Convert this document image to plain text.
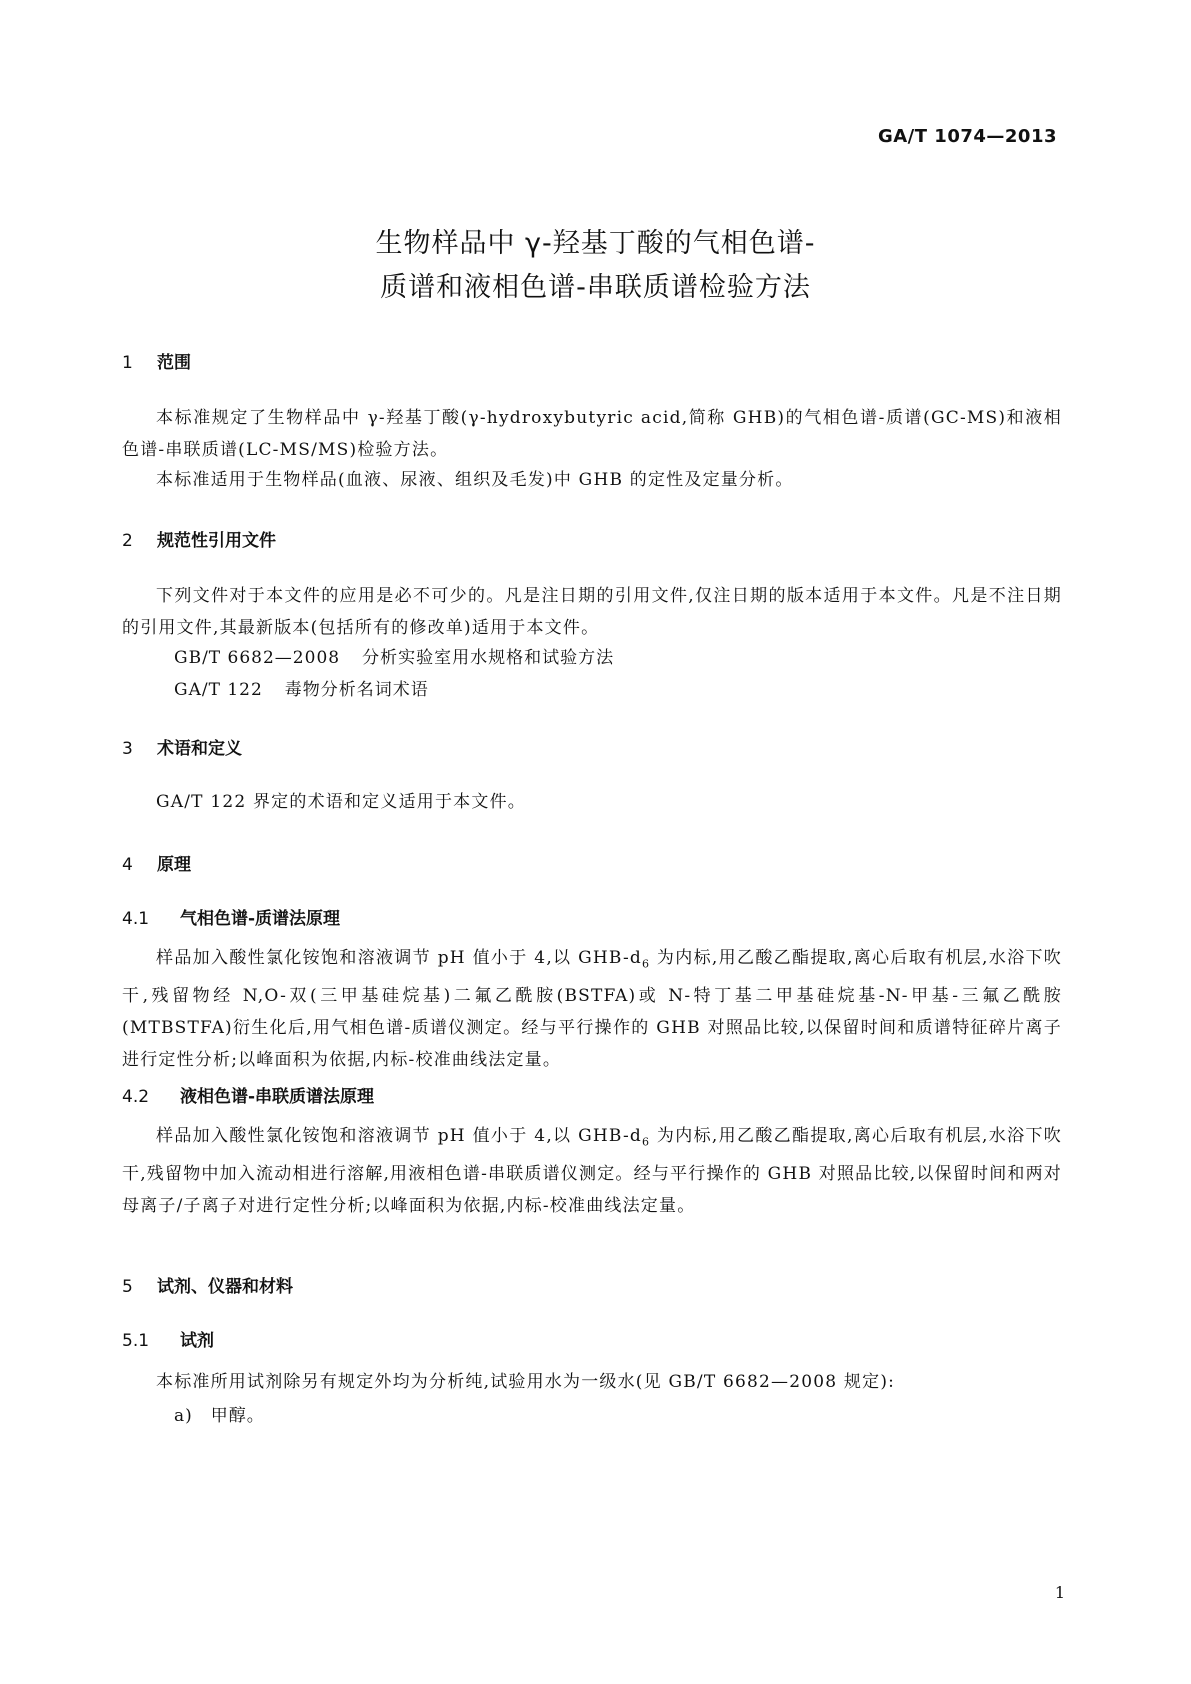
GA/T 1074—2013
生物样品中 γ-羟基丁酸的气相色谱-
质谱和液相色谱-串联质谱检验方法
1 范围
本标准规定了生物样品中 γ-羟基丁酸(γ-hydroxybutyric acid,简称 GHB)的气相色谱-质谱(GC-MS)和液相色谱-串联质谱(LC-MS/MS)检验方法。
本标准适用于生物样品(血液、尿液、组织及毛发)中 GHB 的定性及定量分析。
2 规范性引用文件
下列文件对于本文件的应用是必不可少的。凡是注日期的引用文件,仅注日期的版本适用于本文件。凡是不注日期的引用文件,其最新版本(包括所有的修改单)适用于本文件。
GB/T 6682—2008 分析实验室用水规格和试验方法
GA/T 122 毒物分析名词术语
3 术语和定义
GA/T 122 界定的术语和定义适用于本文件。
4 原理
4.1 气相色谱-质谱法原理
样品加入酸性氯化铵饱和溶液调节 pH 值小于 4,以 GHB-$d_6$ 为内标,用乙酸乙酯提取,离心后取有机层,水浴下吹干,残留物经 N,O-双(三甲基硅烷基)二氟乙酰胺(BSTFA)或 N-特丁基二甲基硅烷基-N-甲基-三氟乙酰胺(MTBSTFA)衍生化后,用气相色谱-质谱仪测定。经与平行操作的 GHB 对照品比较,以保留时间和质谱特征碎片离子进行定性分析;以峰面积为依据,内标-校准曲线法定量。
4.2 液相色谱-串联质谱法原理
样品加入酸性氯化铵饱和溶液调节 pH 值小于 4,以 GHB-$d_6$ 为内标,用乙酸乙酯提取,离心后取有机层,水浴下吹干,残留物中加入流动相进行溶解,用液相色谱-串联质谱仪测定。经与平行操作的 GHB 对照品比较,以保留时间和两对母离子/子离子对进行定性分析;以峰面积为依据,内标-校准曲线法定量。
5 试剂、仪器和材料
5.1 试剂
本标准所用试剂除另有规定外均为分析纯,试验用水为一级水(见 GB/T 6682—2008 规定):
a)　甲醇。
1
